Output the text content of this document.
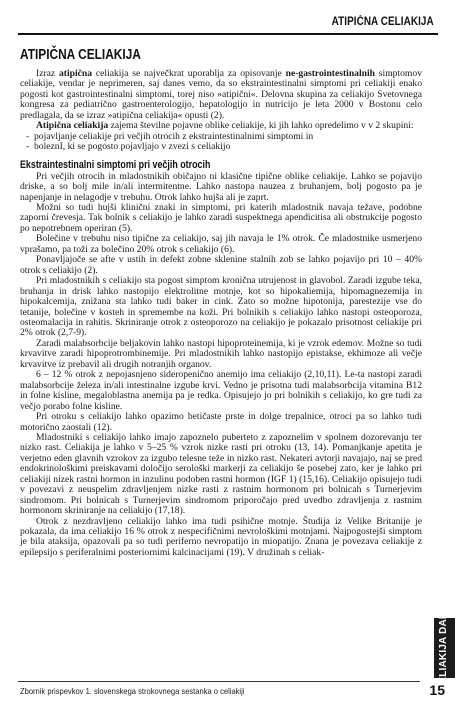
ATIPIČNA CELIAKIJA
ATIPIČNA CELIAKIJA

Izraz atipična celiakija se največkrat uporablja za opisovanje ne-gastrointestinalnih simptomov celiakije, vendar je neprimeren, saj danes vemo, da so ekstraintestinalni simptomi pri celiakiji enako pogosti kot gastrointestinalni simptomi, torej niso »atipični«. Delovna skupina za celiakijo Svetovnega kongresa za pediatrično gastroenterologijo, hepatologijo in nutricijo je leta 2000 v Bostonu celo predlagala, da se izraz »atipična celiakija« opusti (2).

Atipična celiakija zajema številne pojavne oblike celiakije, ki jih lahko opredelimo v v 2 skupini:

- pojavljanje celiakije pri večjih otrocih z ekstraintestinalnimi simptomi in
- boleznI, ki se pogosto pojavljajo v zvezi s celiakijo
Ekstraintestinalni simptomi pri večjih otrocih

Pri večjih otrocih in mladostnikih običajno ni klasične tipične oblike celiakije. Lahko se pojavijo driske, a so bolj mile in/ali intermitentne. Lahko nastopa nauzea z bruhanjem, bolj pogosto pa je napenjanje in nelagodje v trebuhu. Otrok lahko hujša ali je zaprt.

Možni so tudi hujši klinični znaki in simptomi, pri katerih mladostnik navaja težave, podobne zaporni črevesja. Tak bolnik s celiakijo je lahko zaradi suspektnega apendicitisa ali obstrukcije pogosto po nepotrebnem operiran (5).

Bolečine v trebuhu niso tipične za celiakijo, saj jih navaja le 1% otrok. Če mladostnike usmerjeno vprašamo, pa toži za bolečino 20% otrok s celiakijo (6).

Ponavljajoče se afte v ustih in defekt zobne sklenine stalnih zob se lahko pojavijo pri 10 – 40% otrok s celiakijo (2).

Pri mladostnikih s celiakijo sta pogost simptom kronična utrujenost in glavobol. Zaradi izgube teka, bruhanja in drisk lahko nastopijo elektrolitne motnje, kot so hipokaliemija, hipomagnezemija in hipokalcemija, znižana sta lahko tudi baker in cink. Zato so možne hipotonija, parestezije vse do tetanije, bolečine v kosteh in spremembe na koži. Pri bolnikih s celiakijo lahko nastopi osteoporoza, osteomalacija in rahitis. Skriniranje otrok z osteoporozo na celiakijo je pokazalo prisotnost celiakije pri 2% otrok (2,7-9).

Zaradi malabsorbcije beljakovin lahko nastopi hipoproteinemija, ki je vzrok edemov. Možne so tudi krvavitve zaradi hipoprotrombinemije. Pri mladostnikih lahko nastopijo epistakse, ekhimoze ali večje krvavitve iz prebavil ali drugih notranjih organov.

6 – 12 % otrok z nepojasnjeno sideropenično anemijo ima celiakijo (2,10,11). Le-ta nastopi zaradi malabsorbcije železa in/ali intestinalne izgube krvi. Vedno je prisotna tudi malabsorbcija vitamina B12 in folne kisline, megaloblastna anemija pa je redka. Opisujejo jo pri bolnikih s celiakijo, ko gre tudi za večjo porabo folne kisline.

Pri otroku s celiakijo lahko opazimo betičaste prste in dolge trepalnice, otroci pa so lahko tudi motorično zaostali (12).

Mladostniki s celiakijo lahko imajo zapoznelo puberteto z zapoznelim v spolnem dozorevanju ter nizko rast. Celiakija je lahko v 5–25 % vzrok nizke rasti pri otroku (13, 14). Pomanjkanje apetita je verjetno eden glavnih vzrokov za izgubo telesne teže in nizko rast. Nekateri avtorji navajajo, naj se pred endokrinološkimi preiskavami določijo serološki markerji za celiakijo še posebej zato, ker je lahko pri celiakiji nizek rastni hormon in inzulinu podoben rastni hormon (IGF 1) (15,16). Celiakijo opisujejo tudi v povezavi z neuspelim zdravljenjem nizke rasti z rastnim hormonom pri bolnicah s Turnerjevim sindromom. Pri bolnicah s Turnerjevim sindromom priporočajo pred uvedbo zdravljenja z rastnim hormonom skriniranje na celiakijo (17,18).

Otrok z nezdravljeno celiakijo lahko ima tudi psihične motnje. Študija iz Velike Britanije je pokazala, da ima celiakijo 16 % otrok z nespecifičnimi nevrološkimi motnjami. Najpogostejši simptom je bila ataksija, opazovali pa so tudi periferno nevropatijo in miopatijo. Znana je povezava celiakije z epilepsijo s periferalnimi posteriornimi kalcinacijami (19). V družinah s celiak-

CELIAKIJA DANES
Zbornik prispevkov 1. slovenskega strokovnega sestanka o celiakiji	15
